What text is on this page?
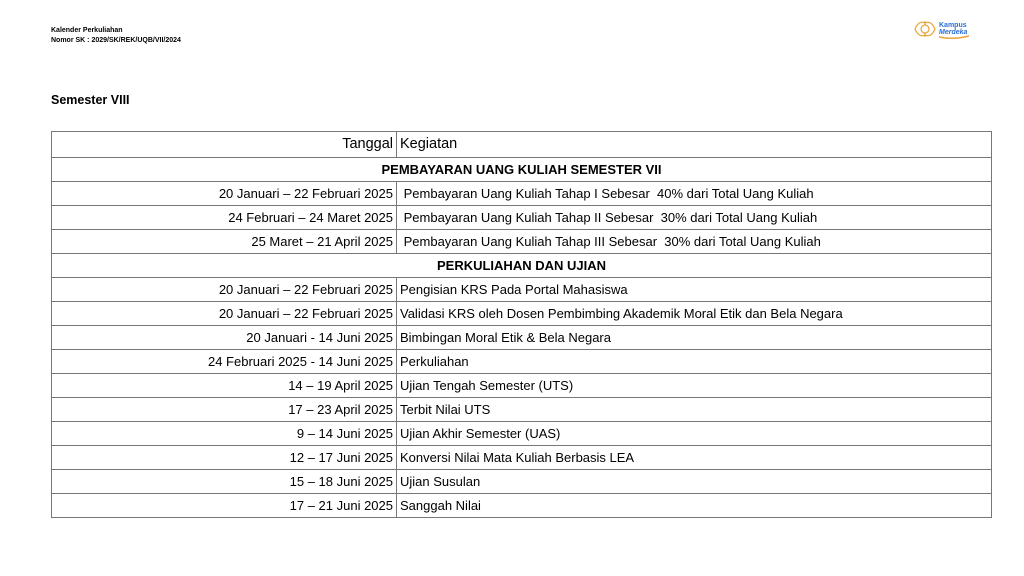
Kalender Perkuliahan
Nomor SK : 2029/SK/REK/UQB/VII/2024
Kampus
Merdeka
Semester VIII
Tanggal	Kegiatan
PEMBAYARAN UANG KULIAH SEMESTER VII	
20 Januari – 22 Februari 2025	Pembayaran Uang Kuliah Tahap I Sebesar  40% dari Total Uang Kuliah
24 Februari – 24 Maret 2025	Pembayaran Uang Kuliah Tahap II Sebesar  30% dari Total Uang Kuliah
25 Maret – 21 April 2025	Pembayaran Uang Kuliah Tahap III Sebesar  30% dari Total Uang Kuliah
PERKULIAHAN DAN UJIAN	
20 Januari – 22 Februari 2025	Pengisian KRS Pada Portal Mahasiswa
20 Januari – 22 Februari 2025	Validasi KRS oleh Dosen Pembimbing Akademik Moral Etik dan Bela Negara
20 Januari - 14 Juni 2025	Bimbingan Moral Etik & Bela Negara
24 Februari 2025 - 14 Juni 2025	Perkuliahan
14 – 19 April 2025	Ujian Tengah Semester (UTS)
17 – 23 April 2025	Terbit Nilai UTS
9 – 14 Juni 2025	Ujian Akhir Semester (UAS)
12 – 17 Juni 2025	Konversi Nilai Mata Kuliah Berbasis LEA
15 – 18 Juni 2025	Ujian Susulan
17 – 21 Juni 2025	Sanggah Nilai
